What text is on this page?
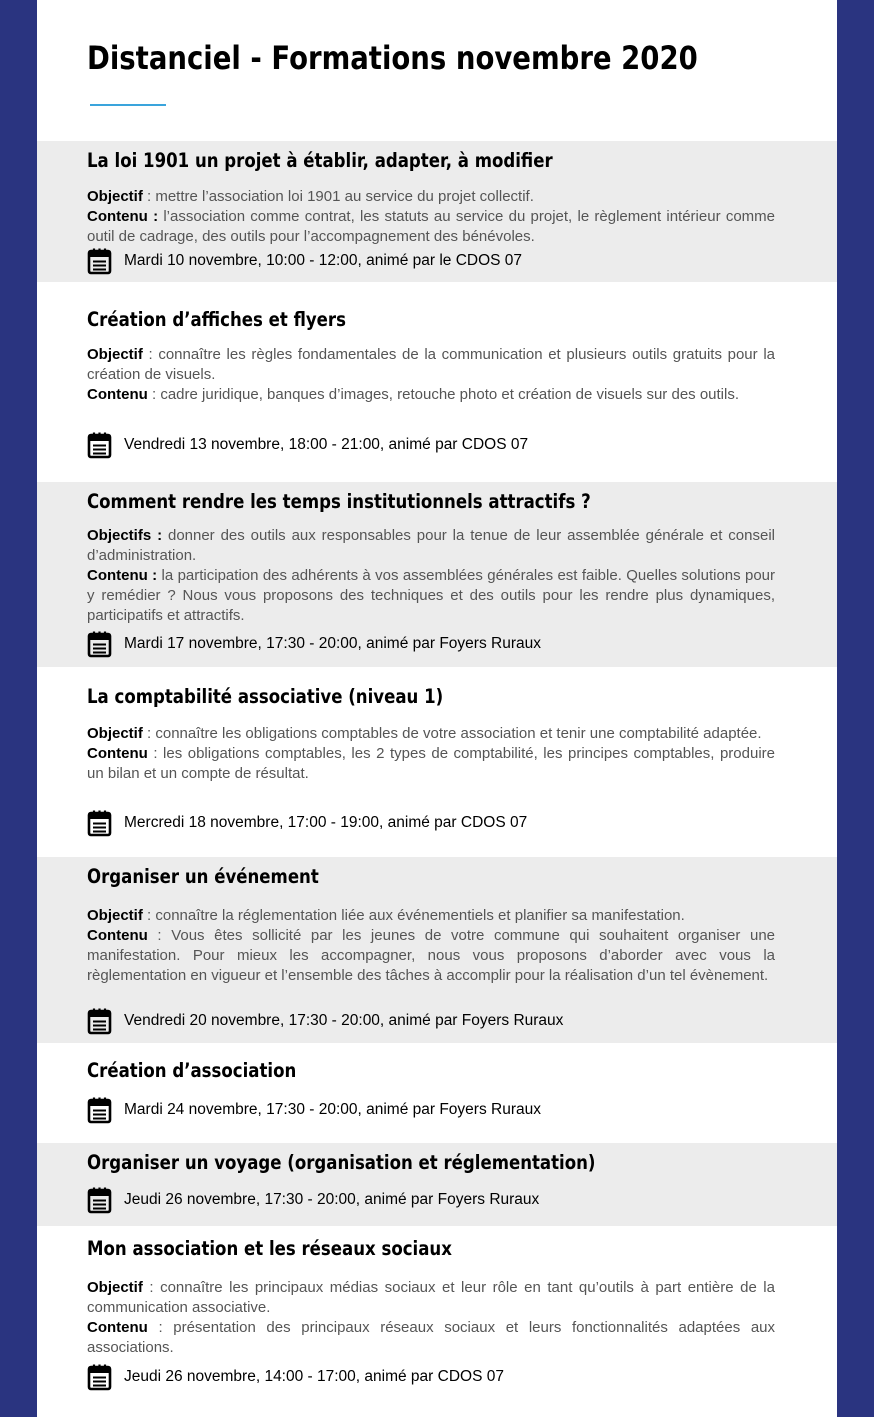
Distanciel - Formations novembre 2020
La loi 1901 un projet à établir, adapter, à modifier

Objectif : mettre l’association loi 1901 au service du projet collectif.
Contenu : l’association comme contrat, les statuts au service du projet, le règlement intérieur comme outil de cadrage, des outils pour l’accompagnement des bénévoles.

Mardi 10 novembre, 10:00 - 12:00, animé par le CDOS 07
Création d’affiches et flyers

Objectif : connaître les règles fondamentales de la communication et plusieurs outils gratuits pour la création de visuels.
Contenu : cadre juridique, banques d’images, retouche photo et création de visuels sur des outils.

Vendredi 13 novembre, 18:00 - 21:00, animé par CDOS 07
Comment rendre les temps institutionnels attractifs ?

Objectifs : donner des outils aux responsables pour la tenue de leur assemblée générale et conseil d’administration.
Contenu : la participation des adhérents à vos assemblées générales est faible. Quelles solutions pour y remédier ? Nous vous proposons des techniques et des outils pour les rendre plus dynamiques, participatifs et attractifs.

Mardi 17 novembre, 17:30 - 20:00, animé par Foyers Ruraux
La comptabilité associative (niveau 1)

Objectif : connaître les obligations comptables de votre association et tenir une comptabilité adaptée.
Contenu : les obligations comptables, les 2 types de comptabilité, les principes comptables, produire un bilan et un compte de résultat.

Mercredi 18 novembre, 17:00 - 19:00, animé par CDOS 07
Organiser un événement

Objectif : connaître la réglementation liée aux événementiels et planifier sa manifestation.
Contenu : Vous êtes sollicité par les jeunes de votre commune qui souhaitent organiser une manifestation. Pour mieux les accompagner, nous vous proposons d’aborder avec vous la règlementation en vigueur et l’ensemble des tâches à accomplir pour la réalisation d’un tel évènement.

Vendredi 20 novembre, 17:30 - 20:00, animé par Foyers Ruraux
Création d’association
Mardi 24 novembre, 17:30 - 20:00, animé par Foyers Ruraux
Organiser un voyage (organisation et réglementation)
Jeudi 26 novembre, 17:30 - 20:00, animé par Foyers Ruraux
Mon association et les réseaux sociaux

Objectif : connaître les principaux médias sociaux et leur rôle en tant qu’outils à part entière de la communication associative.
Contenu : présentation des principaux réseaux sociaux et leurs fonctionnalités adaptées aux associations.

Jeudi 26 novembre, 14:00 - 17:00, animé par CDOS 07
